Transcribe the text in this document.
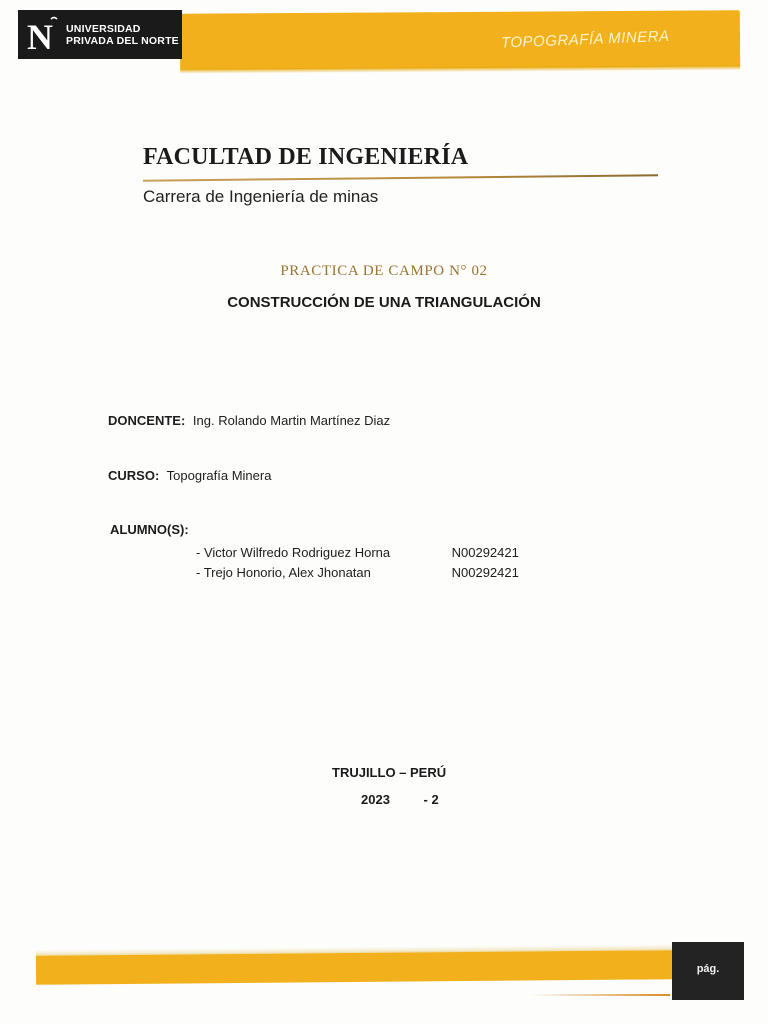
TOPOGRAFÍA MINERA
N UNIVERSIDAD
PRIVADA DEL NORTE
FACULTAD DE INGENIERÍA
Carrera de Ingeniería de minas
PRACTICA DE CAMPO N° 02
CONSTRUCCIÓN DE UNA TRIANGULACIÓN
DONCENTE: Ing. Rolando Martin Martínez Diaz
CURSO: Topografía Minera
ALUMNO(S):
- Victor Wilfredo Rodriguez Horna	N00292421
- Trejo Honorio, Alex Jhonatan	N00292421
TRUJILLO – PERÚ
2023	- 2
pág.
